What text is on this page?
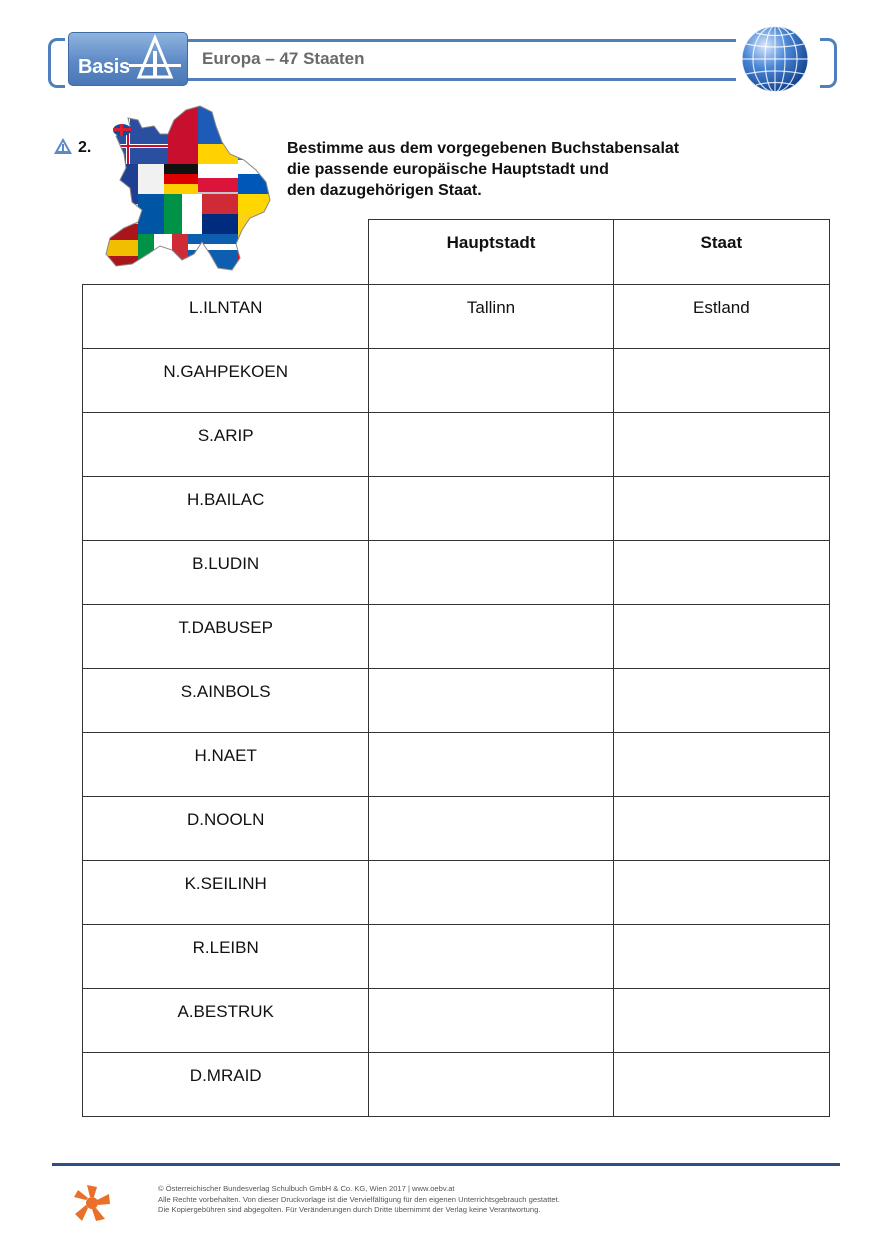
Basis	Europa – 47 Staaten
2.	Bestimme aus dem vorgegebenen Buchstabensalat
die passende europäische Hauptstadt und
den dazugehörigen Staat.

	Hauptstadt	Staat

L.ILNTAN	Tallinn	Estland

N.GAHPEKOEN		

S.ARIP		

H.BAILAC		

B.LUDIN		

T.DABUSEP		

S.AINBOLS		

H.NAET		

D.NOOLN		

K.SEILINH		

R.LEIBN		

A.BESTRUK		

D.MRAID		

© Österreichischer Bundesverlag Schulbuch GmbH & Co. KG, Wien 2017 | www.oebv.at
Alle Rechte vorbehalten. Von dieser Druckvorlage ist die Vervielfältigung für den eigenen Unterrichtsgebrauch gestattet.
Die Kopiergebühren sind abgegolten. Für Veränderungen durch Dritte übernimmt der Verlag keine Verantwortung.
